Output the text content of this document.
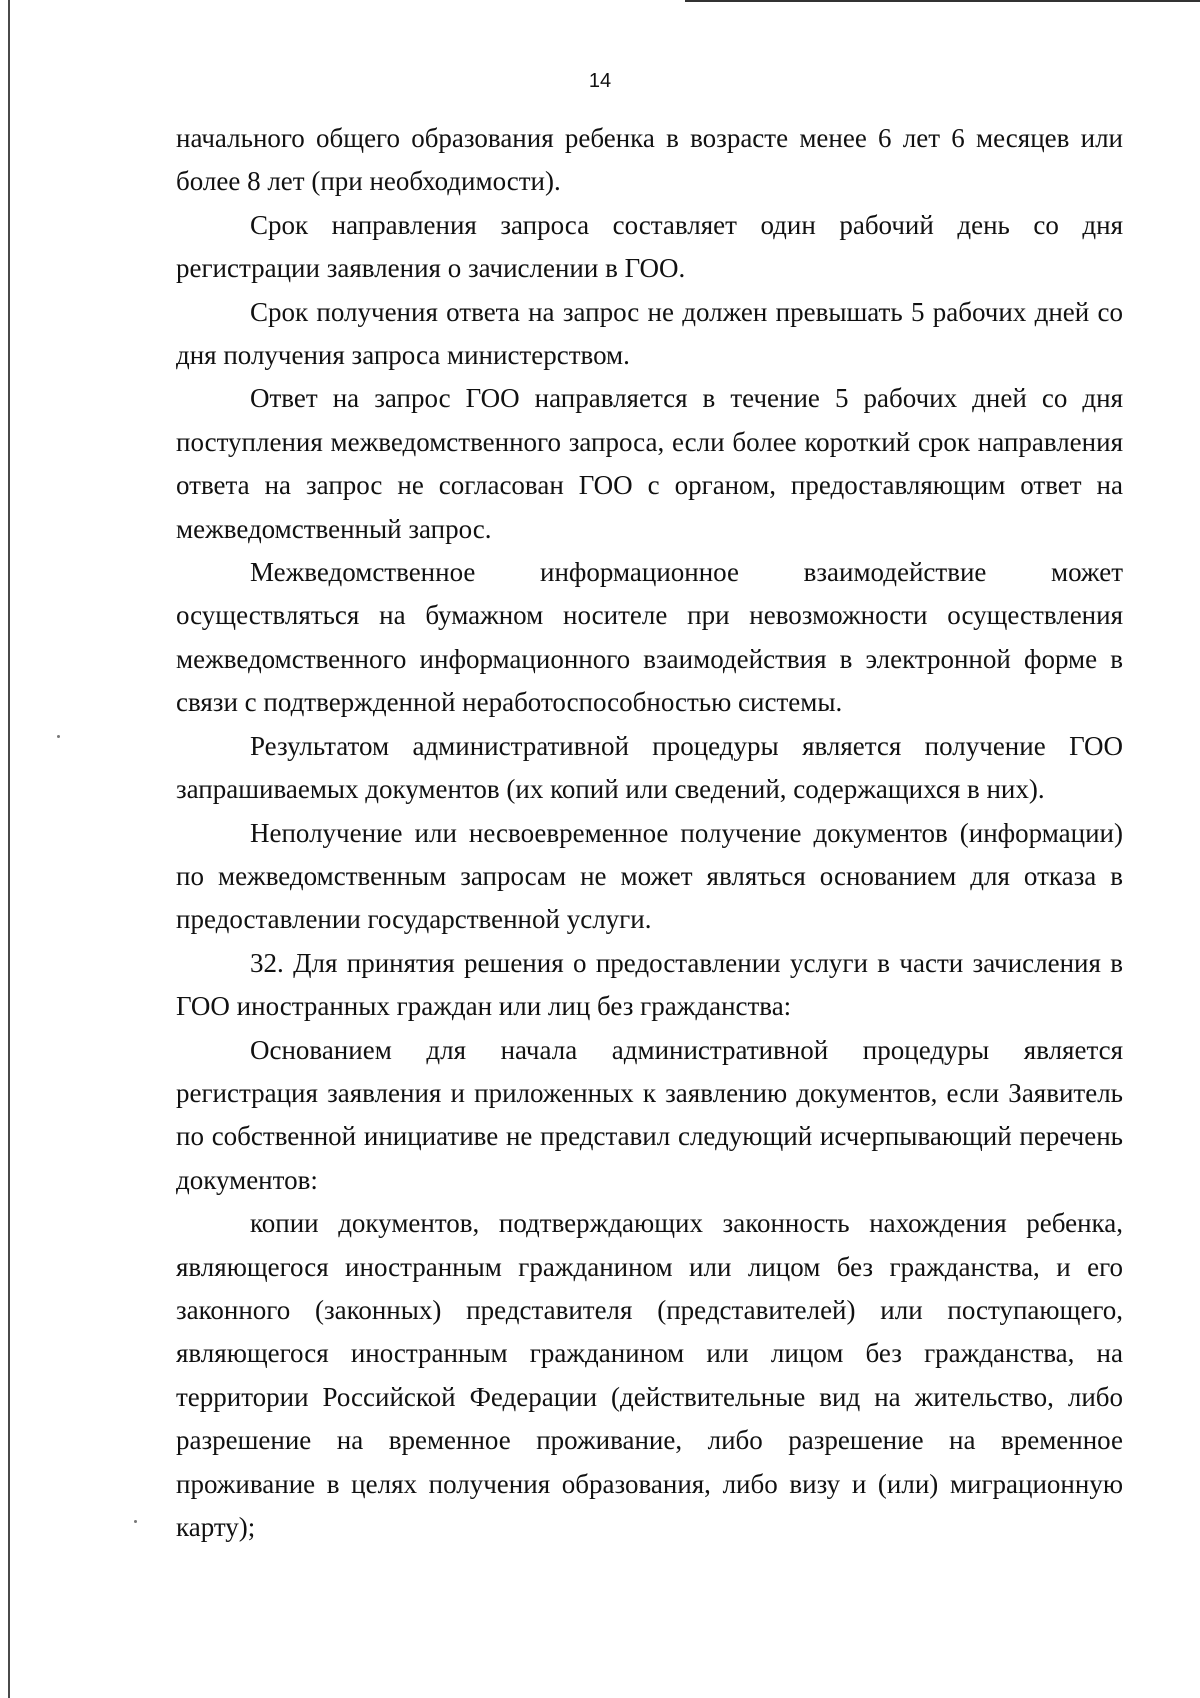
14

начального общего образования ребенка в возрасте менее 6 лет 6 месяцев или более 8 лет (при необходимости).

Срок направления запроса составляет один рабочий день со дня регистрации заявления о зачислении в ГОО.

Срок получения ответа на запрос не должен превышать 5 рабочих дней со дня получения запроса министерством.

Ответ на запрос ГОО направляется в течение 5 рабочих дней со дня поступления межведомственного запроса, если более короткий срок направления ответа на запрос не согласован ГОО с органом, предоставляющим ответ на межведомственный запрос.

Межведомственное информационное взаимодействие может осуществляться на бумажном носителе при невозможности осуществления межведомственного информационного взаимодействия в электронной форме в связи с подтвержденной неработоспособностью системы.

Результатом административной процедуры является получение ГОО запрашиваемых документов (их копий или сведений, содержащихся в них).

Неполучение или несвоевременное получение документов (информации) по межведомственным запросам не может являться основанием для отказа в предоставлении государственной услуги.

32. Для принятия решения о предоставлении услуги в части зачисления в ГОО иностранных граждан или лиц без гражданства:

Основанием для начала административной процедуры является регистрация заявления и приложенных к заявлению документов, если Заявитель по собственной инициативе не представил следующий исчерпывающий перечень документов:

копии документов, подтверждающих законность нахождения ребенка, являющегося иностранным гражданином или лицом без гражданства, и его законного (законных) представителя (представителей) или поступающего, являющегося иностранным гражданином или лицом без гражданства, на территории Российской Федерации (действительные вид на жительство, либо разрешение на временное проживание, либо разрешение на временное проживание в целях получения образования, либо визу и (или) миграционную карту);
